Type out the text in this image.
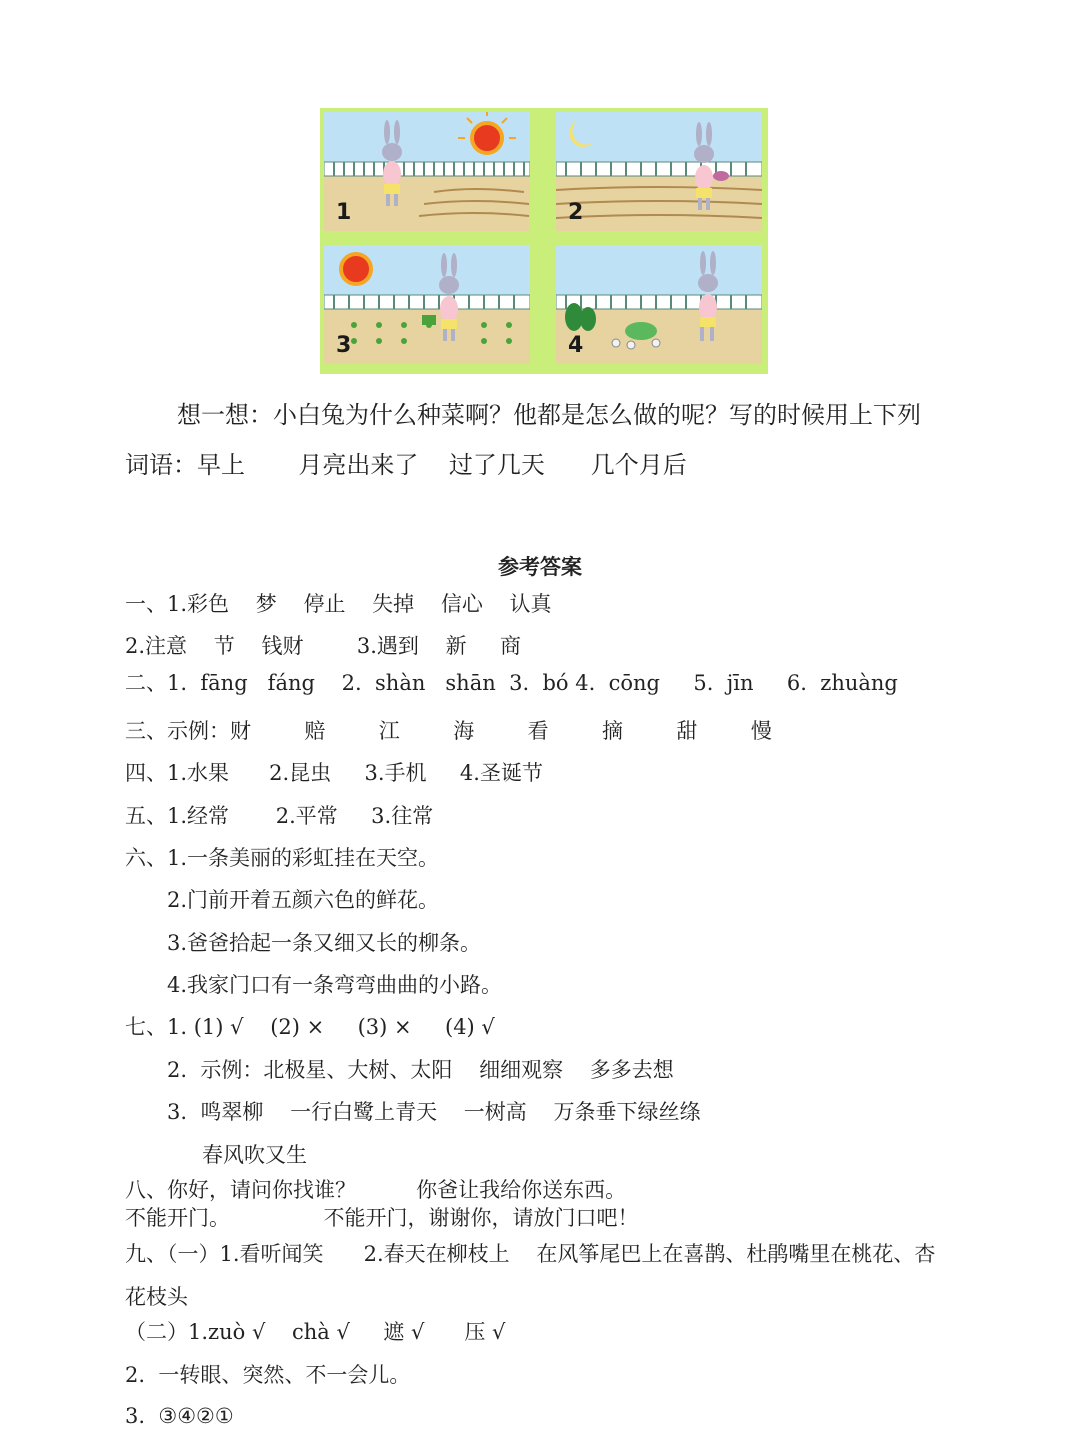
1	2
3	4
想一想：小白兔为什么种菜啊？他都是怎么做的呢？写的时候用上下列
词语：早上       月亮出来了    过了几天      几个月后
参考答案
一、1.彩色    梦    停止    失掉    信心    认真
2.注意    节    钱财        3.遇到    新     商
二、1.  fāng   fáng    2.  shàn   shān  3.  bó 4.  cōng     5.  jīn     6.  zhuàng
三、示例：财        赔        江        海        看        摘        甜        慢
四、1.水果      2.昆虫     3.手机     4.圣诞节
五、1.经常       2.平常     3.往常
六、1.一条美丽的彩虹挂在天空。
2.门前开着五颜六色的鲜花。
3.爸爸拾起一条又细又长的柳条。
4.我家门口有一条弯弯曲曲的小路。
七、1. (1) √    (2) ×     (3) ×     (4) √
2.  示例：北极星、大树、太阳    细细观察    多多去想
3.  鸣翠柳    一行白鹭上青天    一树高    万条垂下绿丝绦
春风吹又生
八、你好，请问你找谁？         你爸让我给你送东西。
不能开门。              不能开门，谢谢你，请放门口吧！
九、（一）1.看听闻笑      2.春天在柳枝上    在风筝尾巴上在喜鹊、杜鹃嘴里在桃花、杏
花枝头
（二）1.zuò √    chà √     遮 √      压 √
2.  一转眼、突然、不一会儿。
3.  ③④②①
